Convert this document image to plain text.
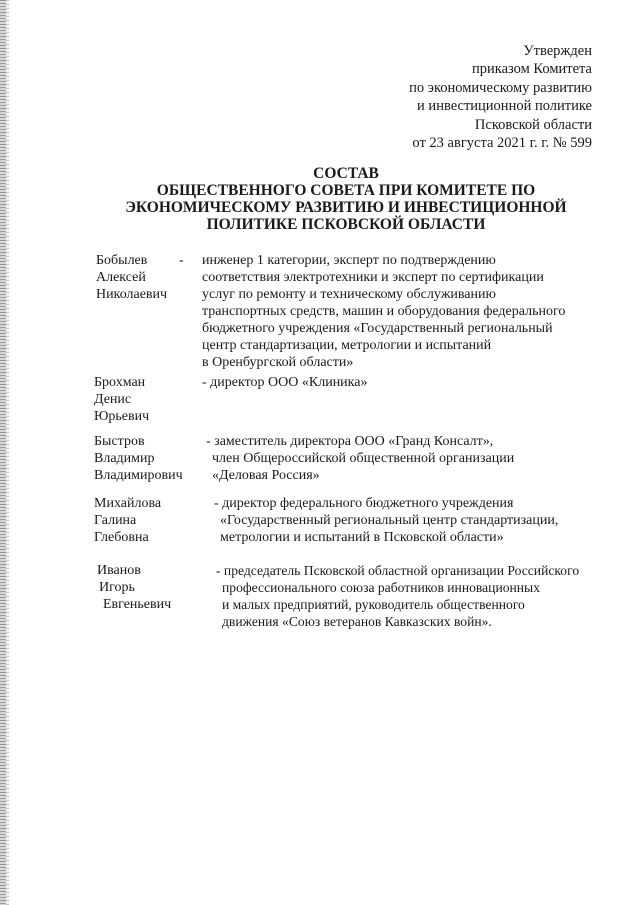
Утвержден
приказом Комитета
по экономическому развитию
и инвестиционной политике
Псковской области
от 23 августа 2021 г. г. № 599
СОСТАВ
ОБЩЕСТВЕННОГО СОВЕТА ПРИ КОМИТЕТЕ ПО
ЭКОНОМИЧЕСКОМУ РАЗВИТИЮ И ИНВЕСТИЦИОННОЙ
ПОЛИТИКЕ ПСКОВСКОЙ ОБЛАСТИ
Бобылев
Алексей
Николаевич
- инженер 1 категории, эксперт по подтверждению
соответствия электротехники и эксперт по сертификации
услуг по ремонту и техническому обслуживанию
транспортных средств, машин и оборудования федерального
бюджетного учреждения «Государственный региональный
центр стандартизации, метрологии и испытаний
в Оренбургской области»
Брохман
Денис
Юрьевич
- директор ООО «Клиника»
Быстров
Владимир
Владимирович
- заместитель директора ООО «Гранд Консалт»,
член Общероссийской общественной организации
«Деловая Россия»
Михайлова
Галина
Глебовна
- директор федерального бюджетного учреждения
«Государственный региональный центр стандартизации,
метрологии и испытаний в Псковской области»
Иванов
Игорь
Евгеньевич
- председатель Псковской областной организации Российского
профессионального союза работников инновационных
и малых предприятий, руководитель общественного
движения «Союз ветеранов Кавказских войн».
